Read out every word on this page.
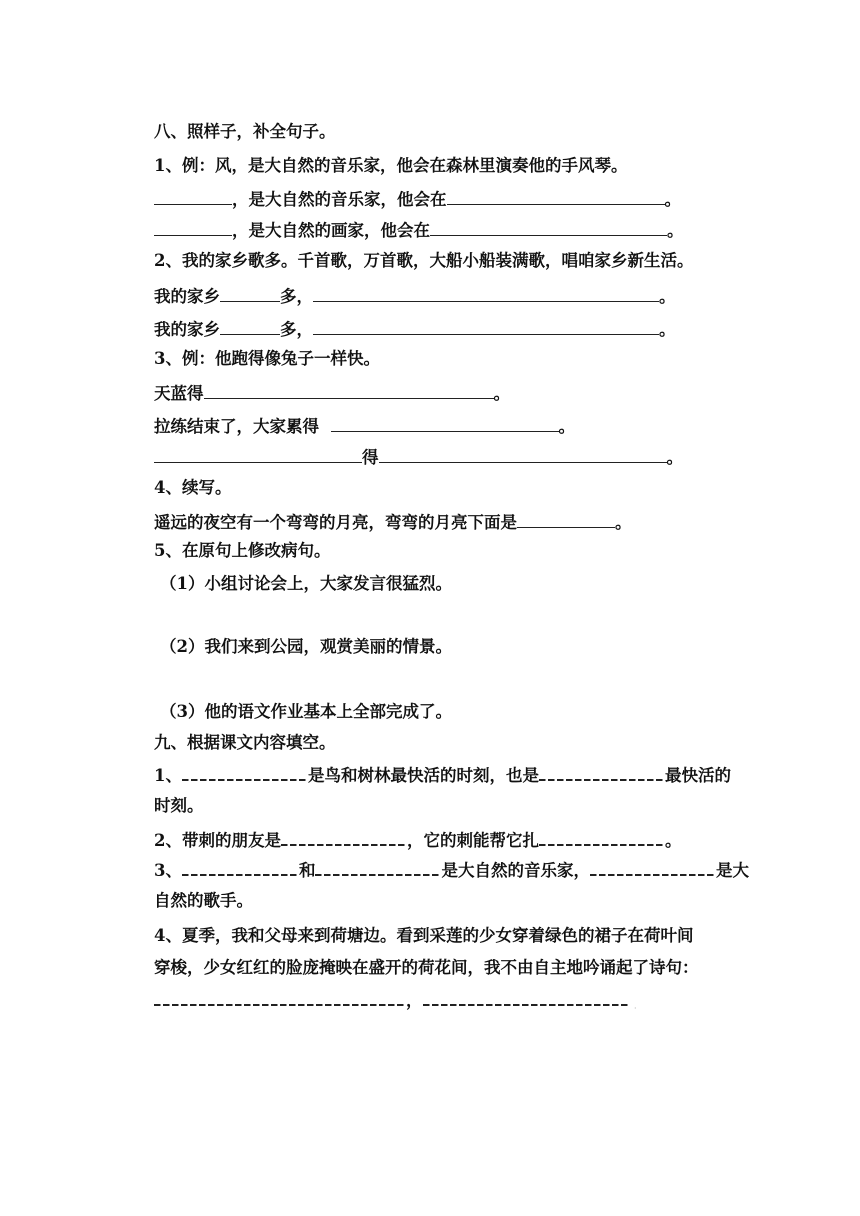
八、照样子，补全句子。
1、例：风，是大自然的音乐家，他会在森林里演奏他的手风琴。
，是大自然的音乐家，他会在	。
，是大自然的画家，他会在	。
2、我的家乡歌多。千首歌，万首歌，大船小船装满歌，唱咱家乡新生活。
我的家乡	多，	。
我的家乡	多，	。
3、例：他跑得像兔子一样快。
天蓝得	。
拉练结束了，大家累得	。
得	。
4、续写。
遥远的夜空有一个弯弯的月亮，弯弯的月亮下面是	。
5、在原句上修改病句。
（1）小组讨论会上，大家发言很猛烈。
（2）我们来到公园，观赏美丽的情景。
（3）他的语文作业基本上全部完成了。
九、根据课文内容填空。
1、	是鸟和树林最快活的时刻，也是	最快活的
时刻。
2、带刺的朋友是	，它的刺能帮它扎	。
3、	和	是大自然的音乐家，	是大
自然的歌手。
4、夏季，我和父母来到荷塘边。看到采莲的少女穿着绿色的裙子在荷叶间
穿梭，少女红红的脸庞掩映在盛开的荷花间，我不由自主地吟诵起了诗句：
，	·
